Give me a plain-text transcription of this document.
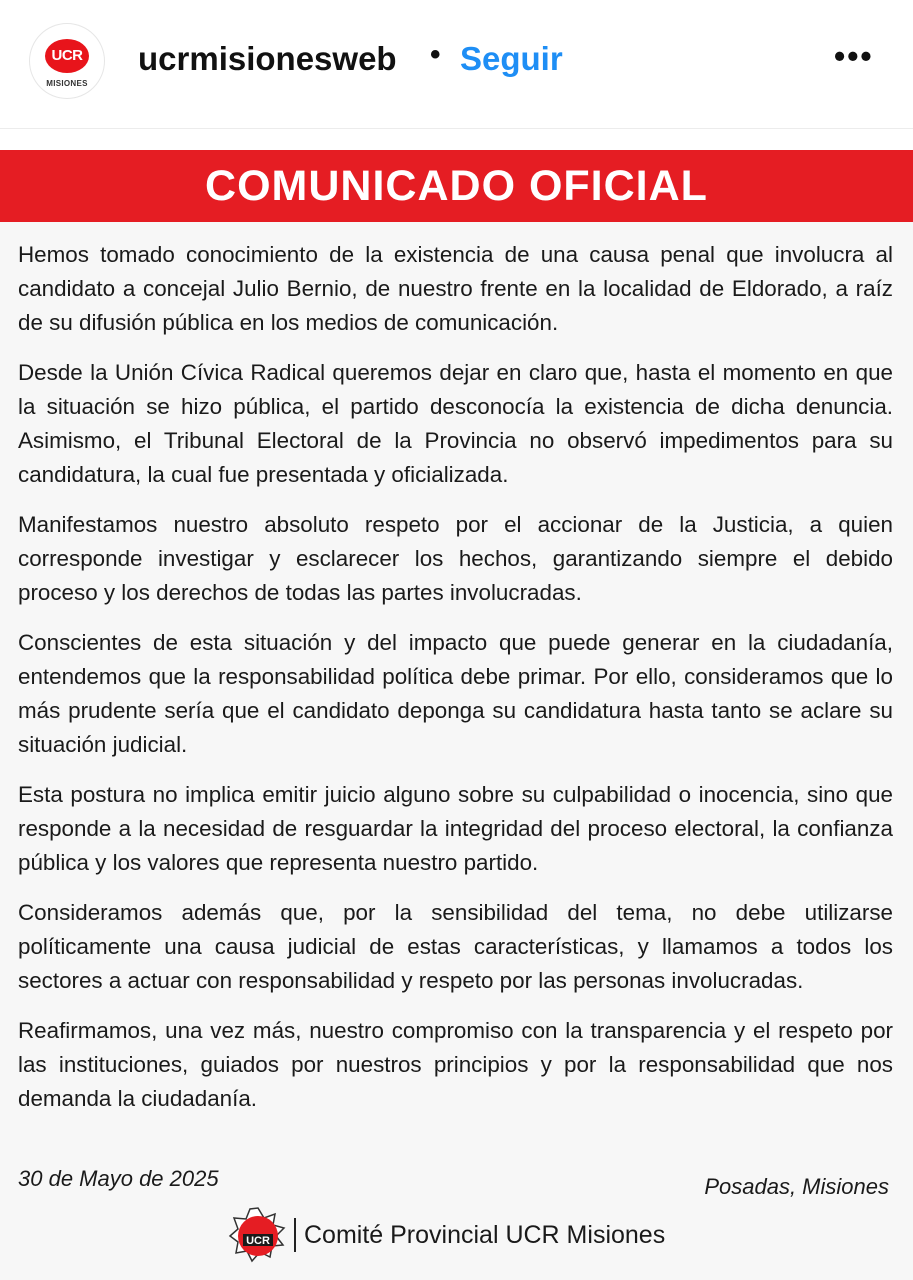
UCR
MISIONES
ucrmisionesweb • Seguir	•••
COMUNICADO OFICIAL

Hemos tomado conocimiento de la existencia de una causa penal que involucra al candidato a concejal Julio Bernio, de nuestro frente en la localidad de Eldorado, a raíz de su difusión pública en los medios de comunicación.

Desde la Unión Cívica Radical queremos dejar en claro que, hasta el momento en que la situación se hizo pública, el partido desconocía la existencia de dicha denuncia. Asimismo, el Tribunal Electoral de la Provincia no observó impedimentos para su candidatura, la cual fue presentada y oficializada.

Manifestamos nuestro absoluto respeto por el accionar de la Justicia, a quien corresponde investigar y esclarecer los hechos, garantizando siempre el debido proceso y los derechos de todas las partes involucradas.

Conscientes de esta situación y del impacto que puede generar en la ciudadanía, entendemos que la responsabilidad política debe primar. Por ello, consideramos que lo más prudente sería que el candidato deponga su candidatura hasta tanto se aclare su situación judicial.

Esta postura no implica emitir juicio alguno sobre su culpabilidad o inocencia, sino que responde a la necesidad de resguardar la integridad del proceso electoral, la confianza pública y los valores que representa nuestro partido.

Consideramos además que, por la sensibilidad del tema, no debe utilizarse políticamente una causa judicial de estas características, y llamamos a todos los sectores a actuar con responsabilidad y respeto por las personas involucradas.

Reafirmamos, una vez más, nuestro compromiso con la transparencia y el respeto por las instituciones, guiados por nuestros principios y por la responsabilidad que nos demanda la ciudadanía.

30 de Mayo de 2025	Posadas, Misiones
UCR	Comité Provincial UCR Misiones
